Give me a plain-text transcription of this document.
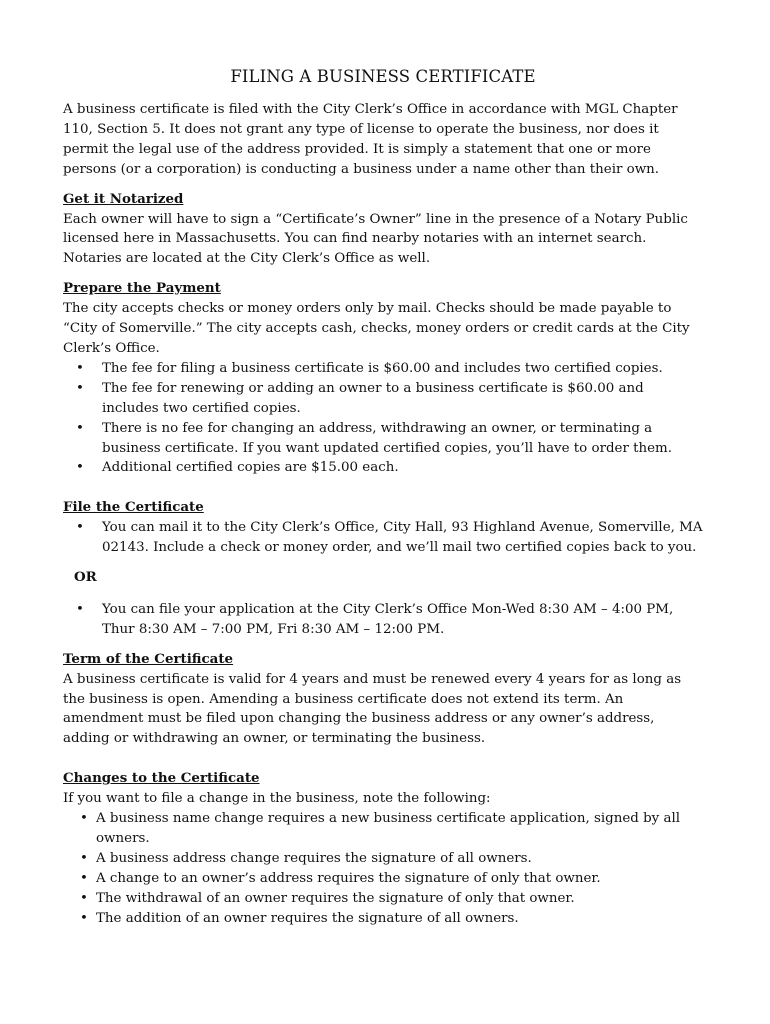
FILING A BUSINESS CERTIFICATE

A business certificate is filed with the City Clerk’s Office in accordance with MGL Chapter 110, Section 5. It does not grant any type of license to operate the business, nor does it permit the legal use of the address provided. It is simply a statement that one or more persons (or a corporation) is conducting a business under a name other than their own.

Get it Notarized

Each owner will have to sign a “Certificate’s Owner” line in the presence of a Notary Public licensed here in Massachusetts. You can find nearby notaries with an internet search. Notaries are located at the City Clerk’s Office as well.

Prepare the Payment

The city accepts checks or money orders only by mail. Checks should be made payable to “City of Somerville.” The city accepts cash, checks, money orders or credit cards at the City Clerk’s Office.

• The fee for filing a business certificate is $60.00 and includes two certified copies.
• The fee for renewing or adding an owner to a business certificate is $60.00 and includes two certified copies.
• There is no fee for changing an address, withdrawing an owner, or terminating a business certificate. If you want updated certified copies, you’ll have to order them.
• Additional certified copies are $15.00 each.
File the Certificate
• You can mail it to the City Clerk’s Office, City Hall, 93 Highland Avenue, Somerville, MA 02143. Include a check or money order, and we’ll mail two certified copies back to you.
OR
• You can file your application at the City Clerk’s Office Mon-Wed 8:30 AM – 4:00 PM, Thur 8:30 AM – 7:00 PM, Fri 8:30 AM – 12:00 PM.
Term of the Certificate

A business certificate is valid for 4 years and must be renewed every 4 years for as long as the business is open. Amending a business certificate does not extend its term. An amendment must be filed upon changing the business address or any owner’s address, adding or withdrawing an owner, or terminating the business.

Changes to the Certificate

If you want to file a change in the business, note the following:

• A business name change requires a new business certificate application, signed by all owners.
• A business address change requires the signature of all owners.
• A change to an owner’s address requires the signature of only that owner.
• The withdrawal of an owner requires the signature of only that owner.
• The addition of an owner requires the signature of all owners.
